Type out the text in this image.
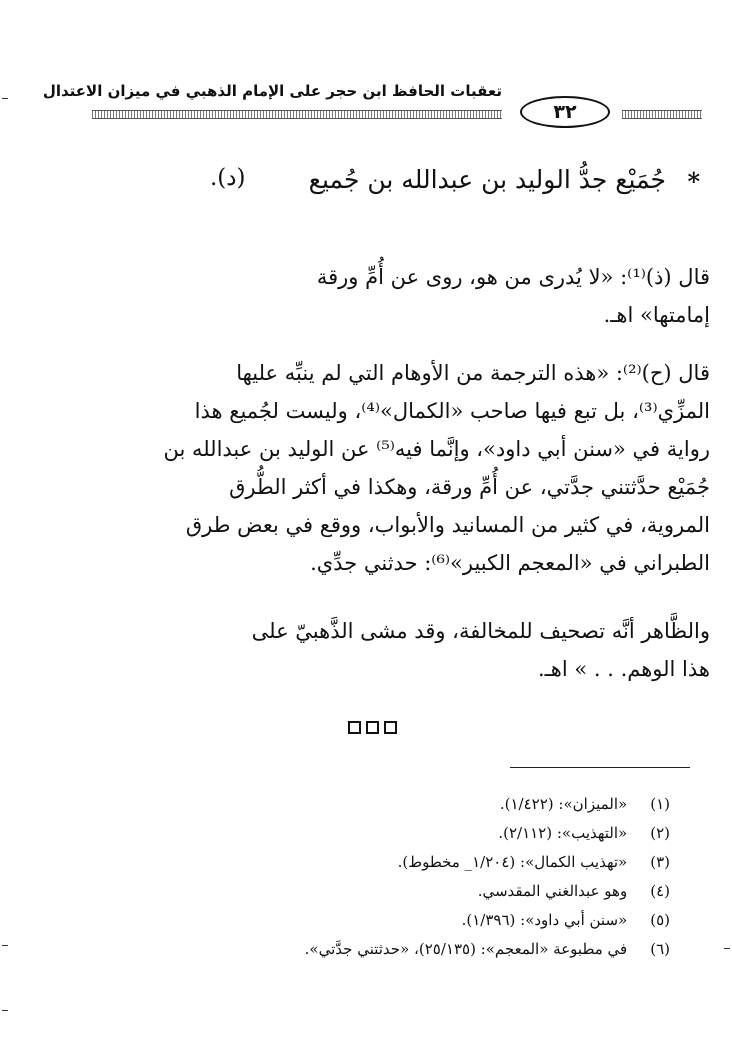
تعقبات الحافظ ابن حجر على الإمام الذهبي في ميزان الاعتدال
٣٢
*
جُمَيْع جدُّ الوليد بن عبدالله بن جُميع
(د).
قال (ذ)⁽¹⁾: «لا يُدرى من هو، روى عن أُمِّ ورقة
إمامتها» اهـ.
قال (ح)⁽²⁾: «هذه الترجمة من الأوهام التي لم ينبِّه عليها
المزِّي⁽³⁾، بل تبع فيها صاحب «الكمال»⁽⁴⁾، وليست لجُميع هذا
رواية في «سنن أبي داود»، وإنَّما فيه⁽⁵⁾ عن الوليد بن عبدالله بن
جُمَيْع حدَّثتني جدَّتي، عن أُمِّ ورقة، وهكذا في أكثر الطُّرق
المروية، في كثير من المسانيد والأبواب، ووقع في بعض طرق
الطبراني في «المعجم الكبير»⁽⁶⁾: حدثني جدِّي.
والظَّاهر أنَّه تصحيف للمخالفة، وقد مشى الذَّهبيّ على
هذا الوهم. . . » اهـ.
(١) «الميزان»: (١/٤٢٢).
(٢) «التهذيب»: (٢/١١٢).
(٣) «تهذيب الكمال»: (١/٢٠٤_ مخطوط).
(٤) وهو عبدالغني المقدسي.
(٥) «سنن أبي داود»: (١/٣٩٦).
(٦) في مطبوعة «المعجم»: (٢٥/١٣٥)، «حدثتني جدَّتي».
